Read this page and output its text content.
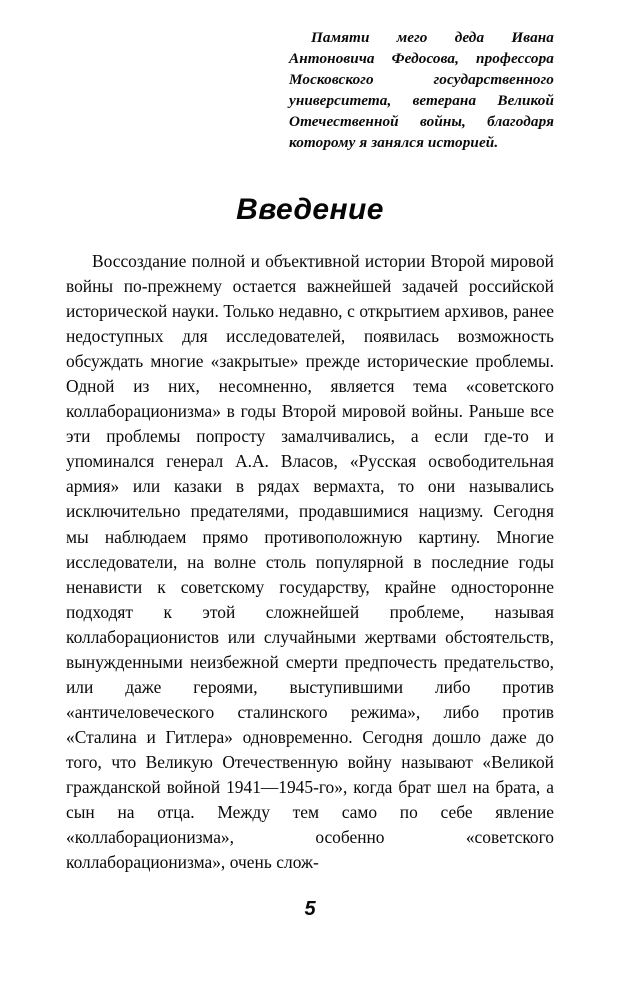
Памяти мего деда Ивана Антоновича Федосова, профессора Московского государственного университета, ветерана Великой Отечественной войны, благодаря которому я занялся историей.
Введение
Воссоздание полной и объективной истории Второй мировой войны по-прежнему остается важнейшей задачей российской исторической науки. Только недавно, с открытием архивов, ранее недоступных для исследователей, появилась возможность обсуждать многие «закрытые» прежде исторические проблемы. Одной из них, несомненно, является тема «советского коллаборационизма» в годы Второй мировой войны. Раньше все эти проблемы попросту замалчивались, а если где-то и упоминался генерал А.А. Власов, «Русская освободительная армия» или казаки в рядах вермахта, то они назывались исключительно предателями, продавшимися нацизму. Сегодня мы наблюдаем прямо противоположную картину. Многие исследователи, на волне столь популярной в последние годы ненависти к советскому государству, крайне односторонне подходят к этой сложнейшей проблеме, называя коллаборационистов или случайными жертвами обстоятельств, вынужденными неизбежной смерти предпочесть предательство, или даже героями, выступившими либо против «античеловеческого сталинского режима», либо против «Сталина и Гитлера» одновременно. Сегодня дошло даже до того, что Великую Отечественную войну называют «Великой гражданской войной 1941—1945-го», когда брат шел на брата, а сын на отца. Между тем само по себе явление «коллаборационизма», особенно «советского коллаборационизма», очень слож-
5
